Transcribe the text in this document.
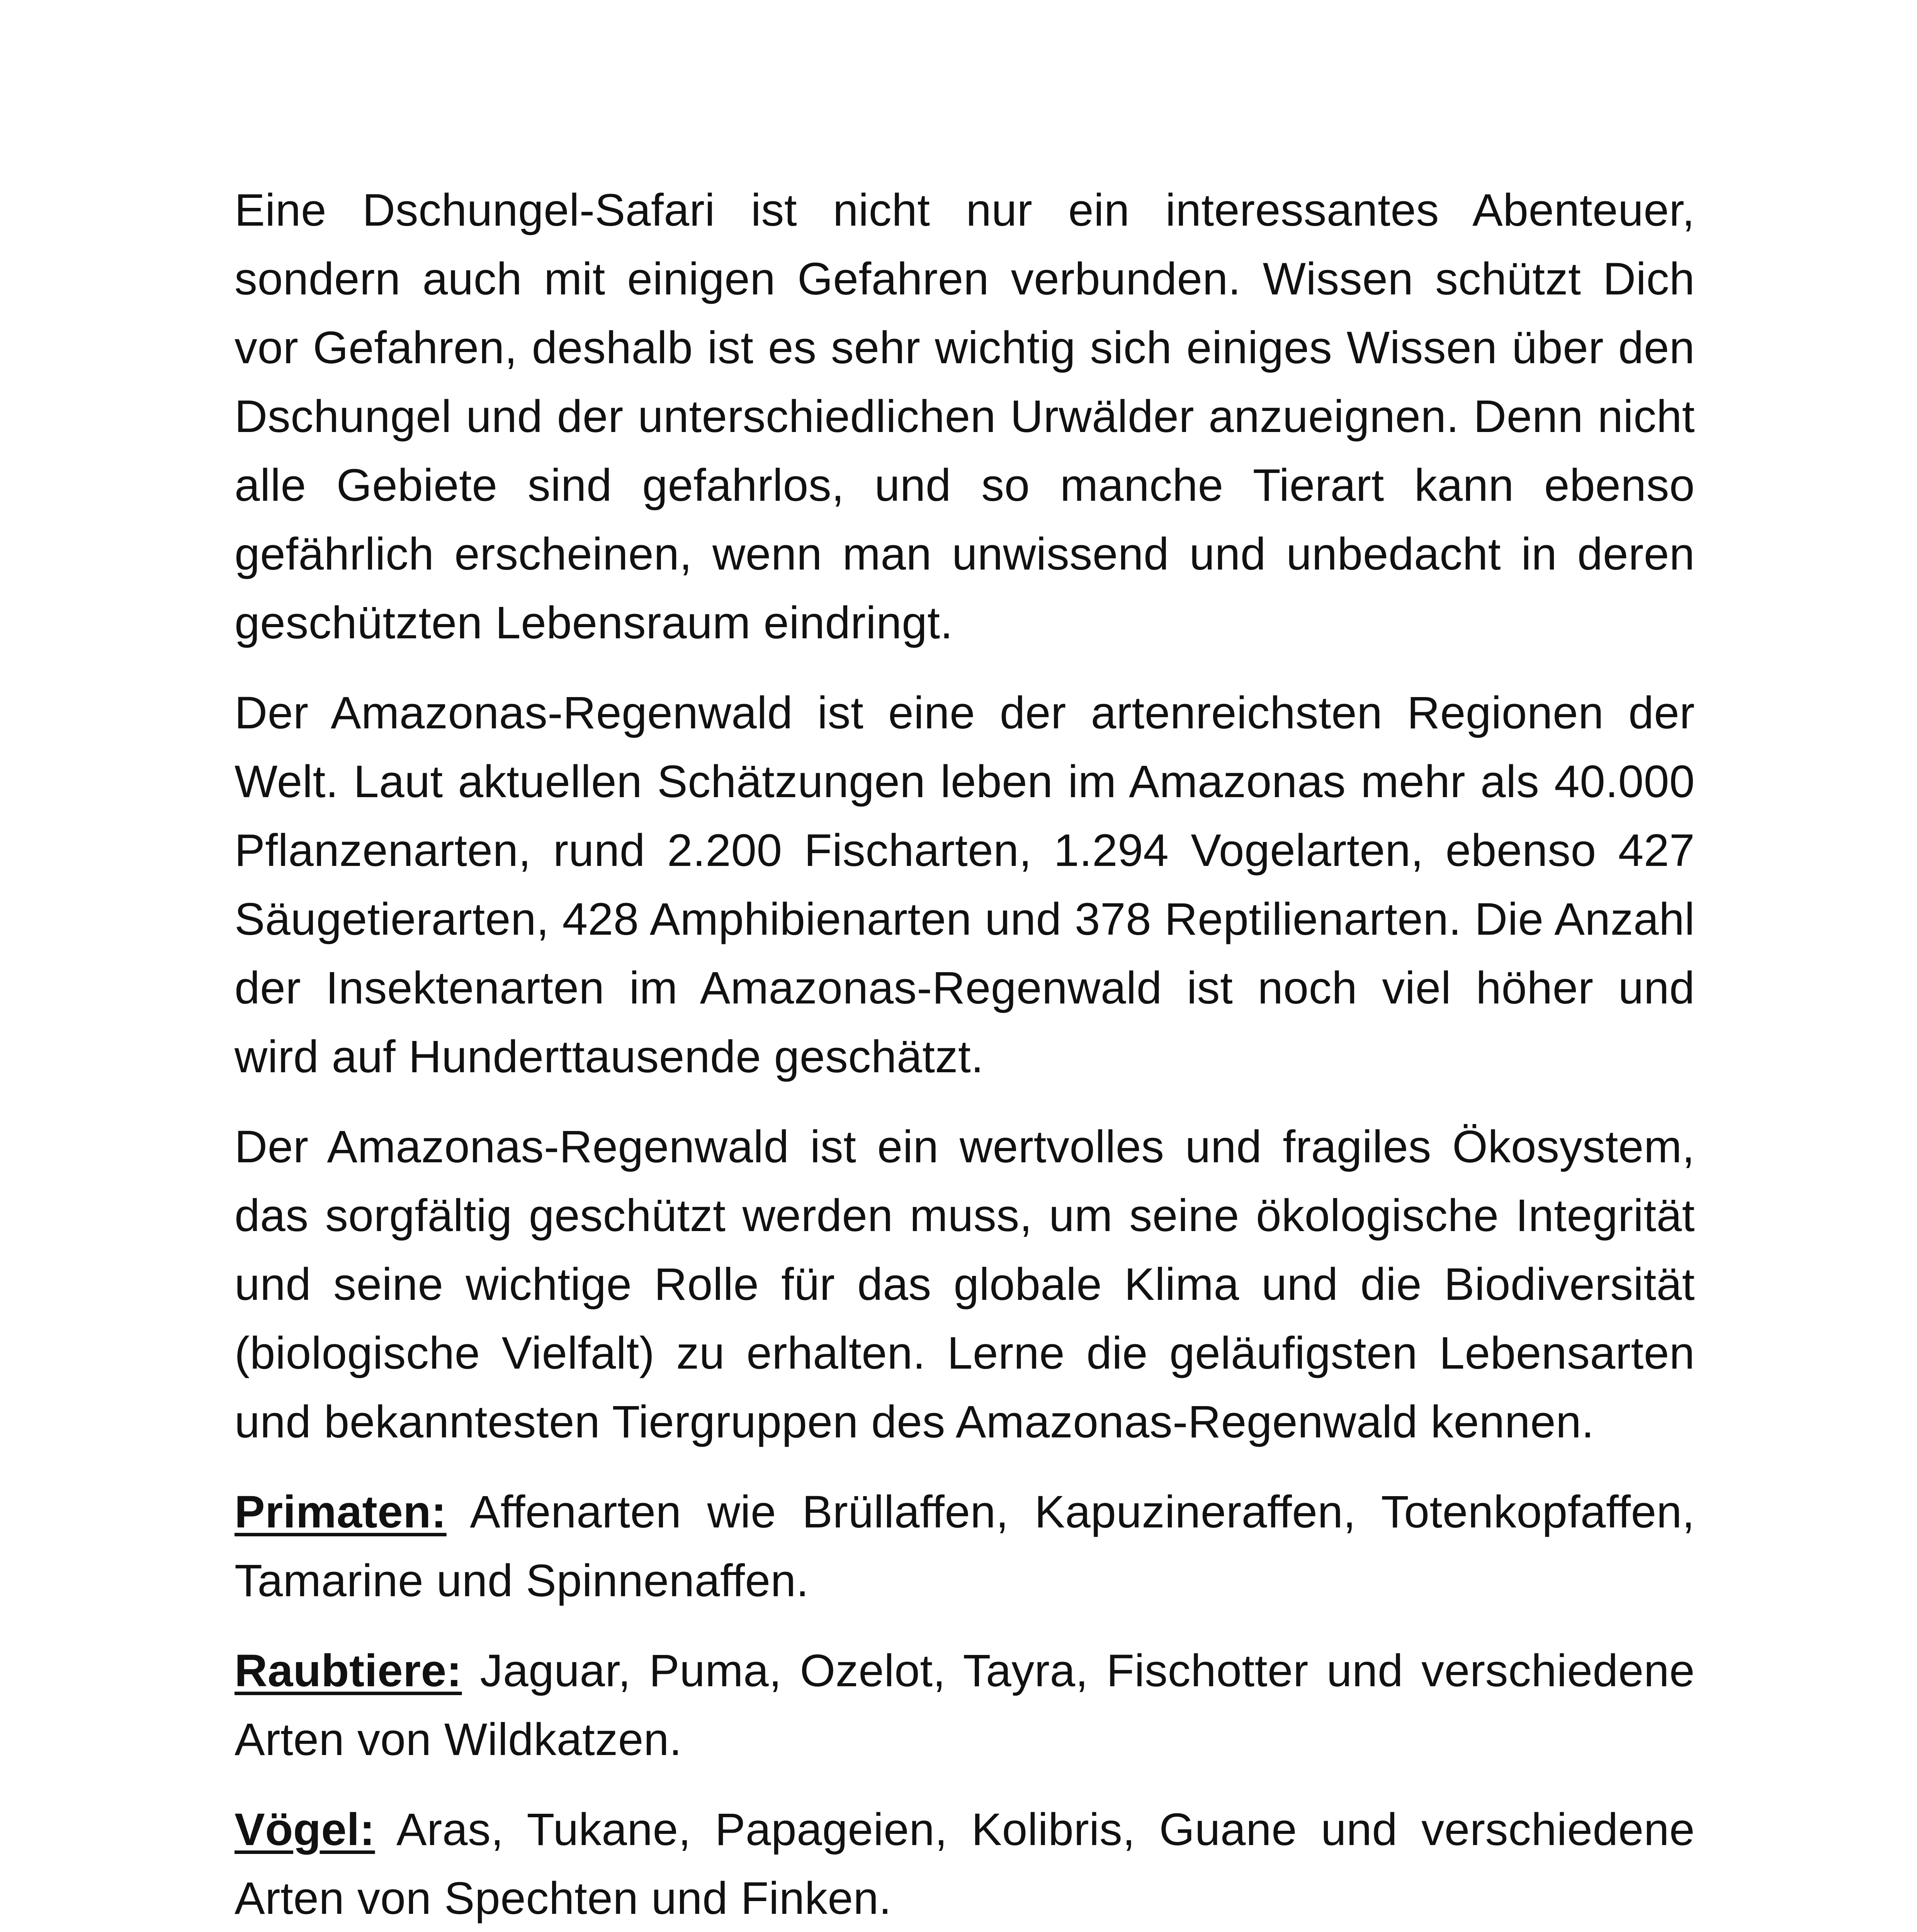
Eine Dschungel-Safari ist nicht nur ein interessantes Abenteuer, sondern auch mit einigen Gefahren verbunden. Wissen schützt Dich vor Gefahren, deshalb ist es sehr wichtig sich einiges Wissen über den Dschungel und der unterschiedlichen Urwälder anzueignen. Denn nicht alle Gebiete sind gefahrlos, und so manche Tierart kann ebenso gefährlich erscheinen, wenn man unwissend und unbedacht in deren geschützten Lebensraum eindringt.

Der Amazonas-Regenwald ist eine der artenreichsten Regionen der Welt. Laut aktuellen Schätzungen leben im Amazonas mehr als 40.000 Pflanzenarten, rund 2.200 Fischarten, 1.294 Vogelarten, ebenso 427 Säugetierarten, 428 Amphibienarten und 378 Reptilienarten. Die Anzahl der Insektenarten im Amazonas-Regenwald ist noch viel höher und wird auf Hunderttausende geschätzt.

Der Amazonas-Regenwald ist ein wertvolles und fragiles Ökosystem, das sorgfältig geschützt werden muss, um seine ökologische Integrität und seine wichtige Rolle für das globale Klima und die Biodiversität (biologische Vielfalt) zu erhalten. Lerne die geläufigsten Lebensarten und bekanntesten Tiergruppen des Amazonas-Regenwald kennen.

Primaten: Affenarten wie Brüllaffen, Kapuzineraffen, Totenkopfaffen, Tamarine und Spinnenaffen.

Raubtiere: Jaguar, Puma, Ozelot, Tayra, Fischotter und verschiedene Arten von Wildkatzen.

Vögel: Aras, Tukane, Papageien, Kolibris, Guane und verschiedene Arten von Spechten und Finken.
